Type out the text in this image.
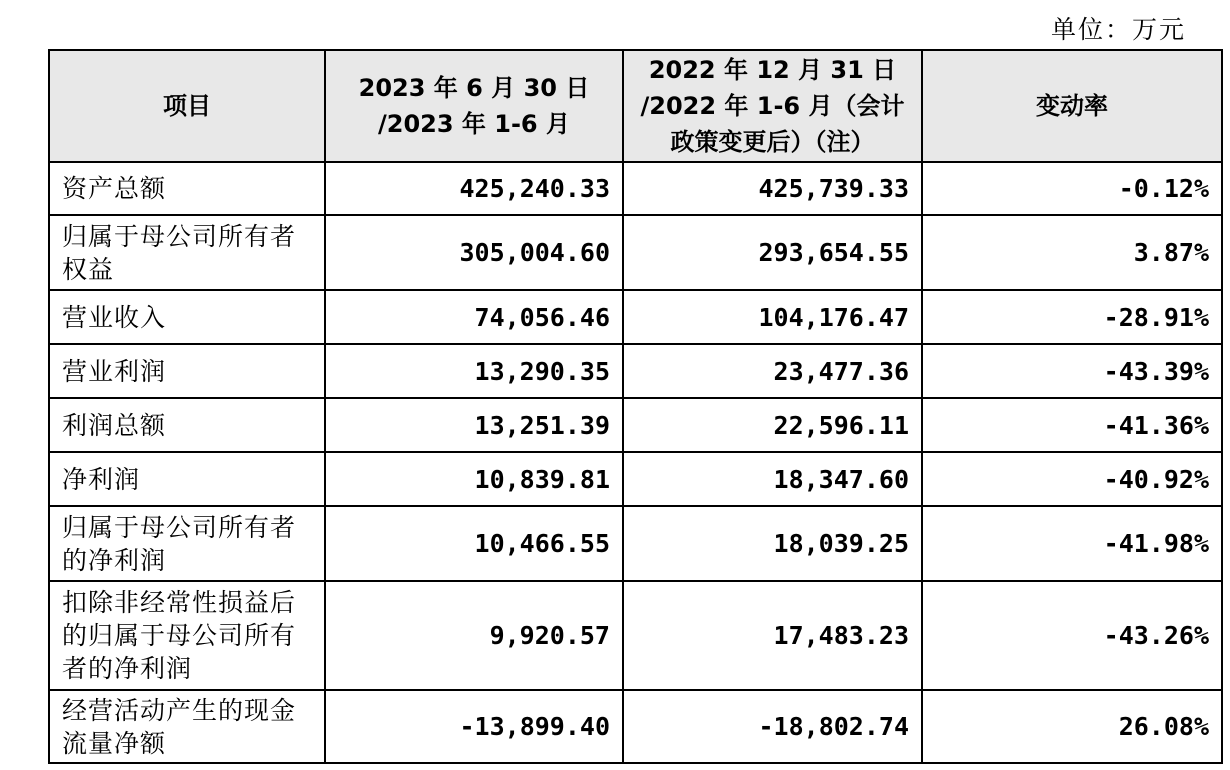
单位：万元
项目	2023 年 6 月 30 日 /2023 年 1-6 月	2022 年 12 月 31 日 /2022 年 1-6 月（会计政策变更后）（注）	变动率
资产总额	425,240.33	425,739.33	-0.12%
归属于母公司所有者权益	305,004.60	293,654.55	3.87%
营业收入	74,056.46	104,176.47	-28.91%
营业利润	13,290.35	23,477.36	-43.39%
利润总额	13,251.39	22,596.11	-41.36%
净利润	10,839.81	18,347.60	-40.92%
归属于母公司所有者的净利润	10,466.55	18,039.25	-41.98%
扣除非经常性损益后的归属于母公司所有者的净利润	9,920.57	17,483.23	-43.26%
经营活动产生的现金流量净额	-13,899.40	-18,802.74	26.08%
